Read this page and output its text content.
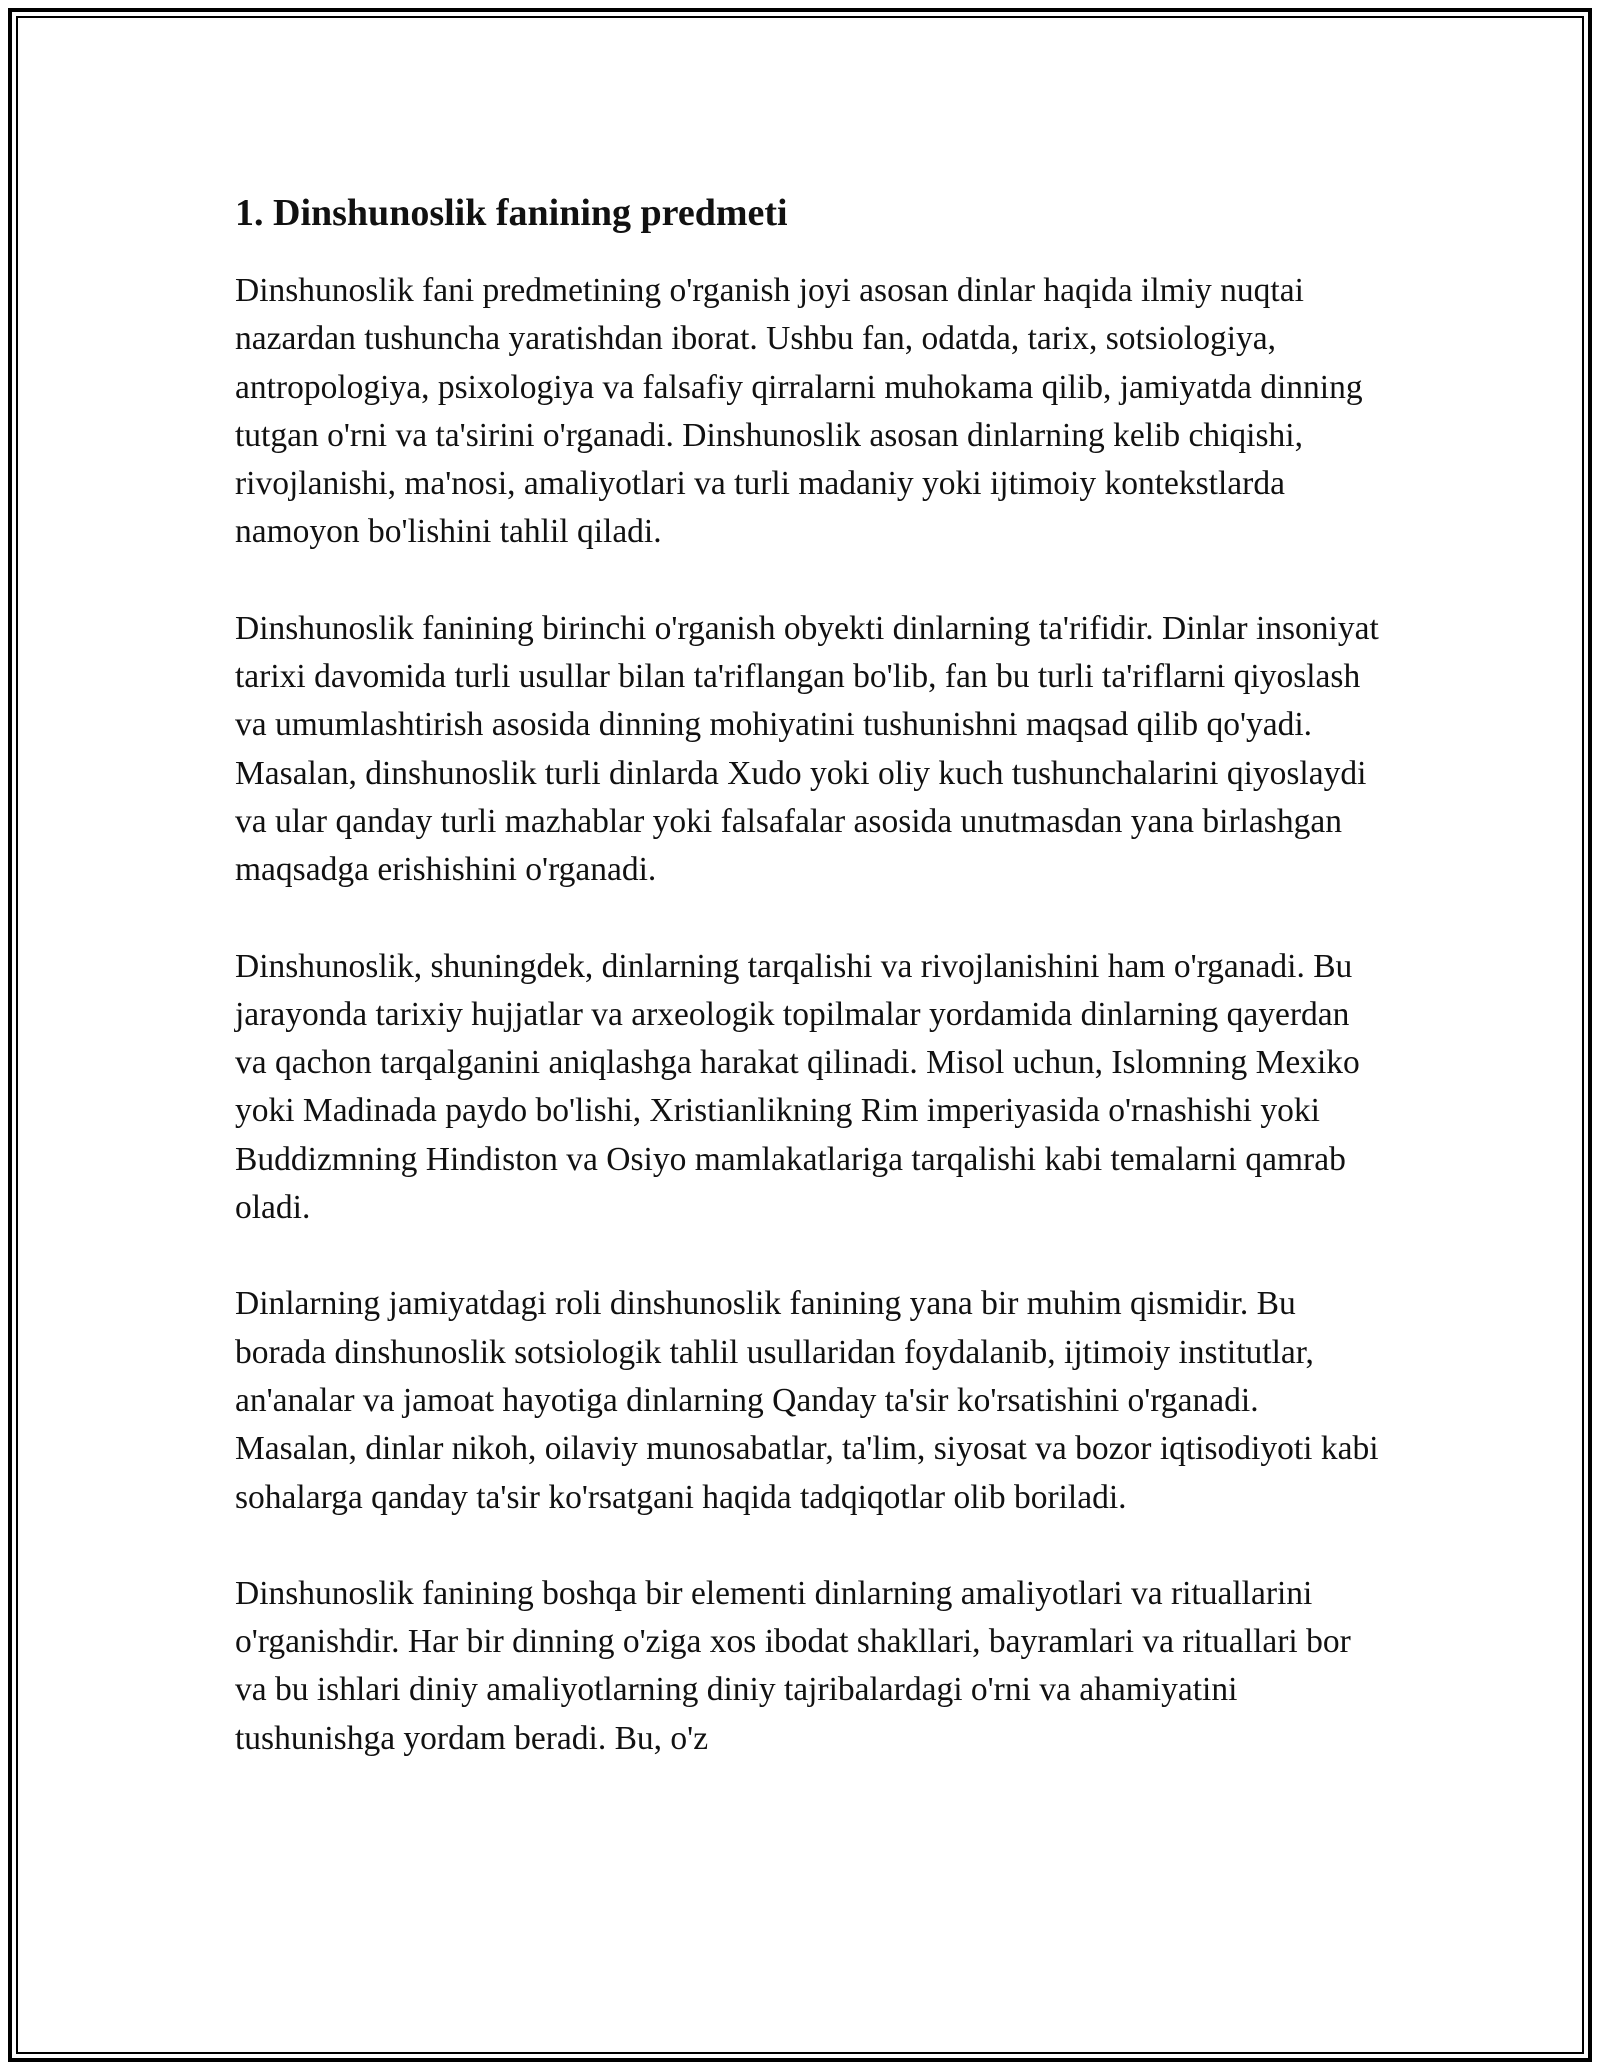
1. Dinshunoslik fanining predmeti

Dinshunoslik fani predmetining o'rganish joyi asosan dinlar haqida ilmiy nuqtai nazardan tushuncha yaratishdan iborat. Ushbu fan, odatda, tarix, sotsiologiya, antropologiya, psixologiya va falsafiy qirralarni muhokama qilib, jamiyatda dinning tutgan o'rni va ta'sirini o'rganadi. Dinshunoslik asosan dinlarning kelib chiqishi, rivojlanishi, ma'nosi, amaliyotlari va turli madaniy yoki ijtimoiy kontekstlarda namoyon bo'lishini tahlil qiladi.

Dinshunoslik fanining birinchi o'rganish obyekti dinlarning ta'rifidir. Dinlar insoniyat tarixi davomida turli usullar bilan ta'riflangan bo'lib, fan bu turli ta'riflarni qiyoslash va umumlashtirish asosida dinning mohiyatini tushunishni maqsad qilib qo'yadi. Masalan, dinshunoslik turli dinlarda Xudo yoki oliy kuch tushunchalarini qiyoslaydi va ular qanday turli mazhablar yoki falsafalar asosida unutmasdan yana birlashgan maqsadga erishishini o'rganadi.

Dinshunoslik, shuningdek, dinlarning tarqalishi va rivojlanishini ham o'rganadi. Bu jarayonda tarixiy hujjatlar va arxeologik topilmalar yordamida dinlarning qayerdan va qachon tarqalganini aniqlashga harakat qilinadi. Misol uchun, Islomning Mexiko yoki Madinada paydo bo'lishi, Xristianlikning Rim imperiyasida o'rnashishi yoki Buddizmning Hindiston va Osiyo mamlakatlariga tarqalishi kabi temalarni qamrab oladi.

Dinlarning jamiyatdagi roli dinshunoslik fanining yana bir muhim qismidir. Bu borada dinshunoslik sotsiologik tahlil usullaridan foydalanib, ijtimoiy institutlar, an'analar va jamoat hayotiga dinlarning Qanday ta'sir ko'rsatishini o'rganadi. Masalan, dinlar nikoh, oilaviy munosabatlar, ta'lim, siyosat va bozor iqtisodiyoti kabi sohalarga qanday ta'sir ko'rsatgani haqida tadqiqotlar olib boriladi.

Dinshunoslik fanining boshqa bir elementi dinlarning amaliyotlari va rituallarini o'rganishdir. Har bir dinning o'ziga xos ibodat shakllari, bayramlari va rituallari bor va bu ishlari diniy amaliyotlarning diniy tajribalardagi o'rni va ahamiyatini tushunishga yordam beradi. Bu, o'z
